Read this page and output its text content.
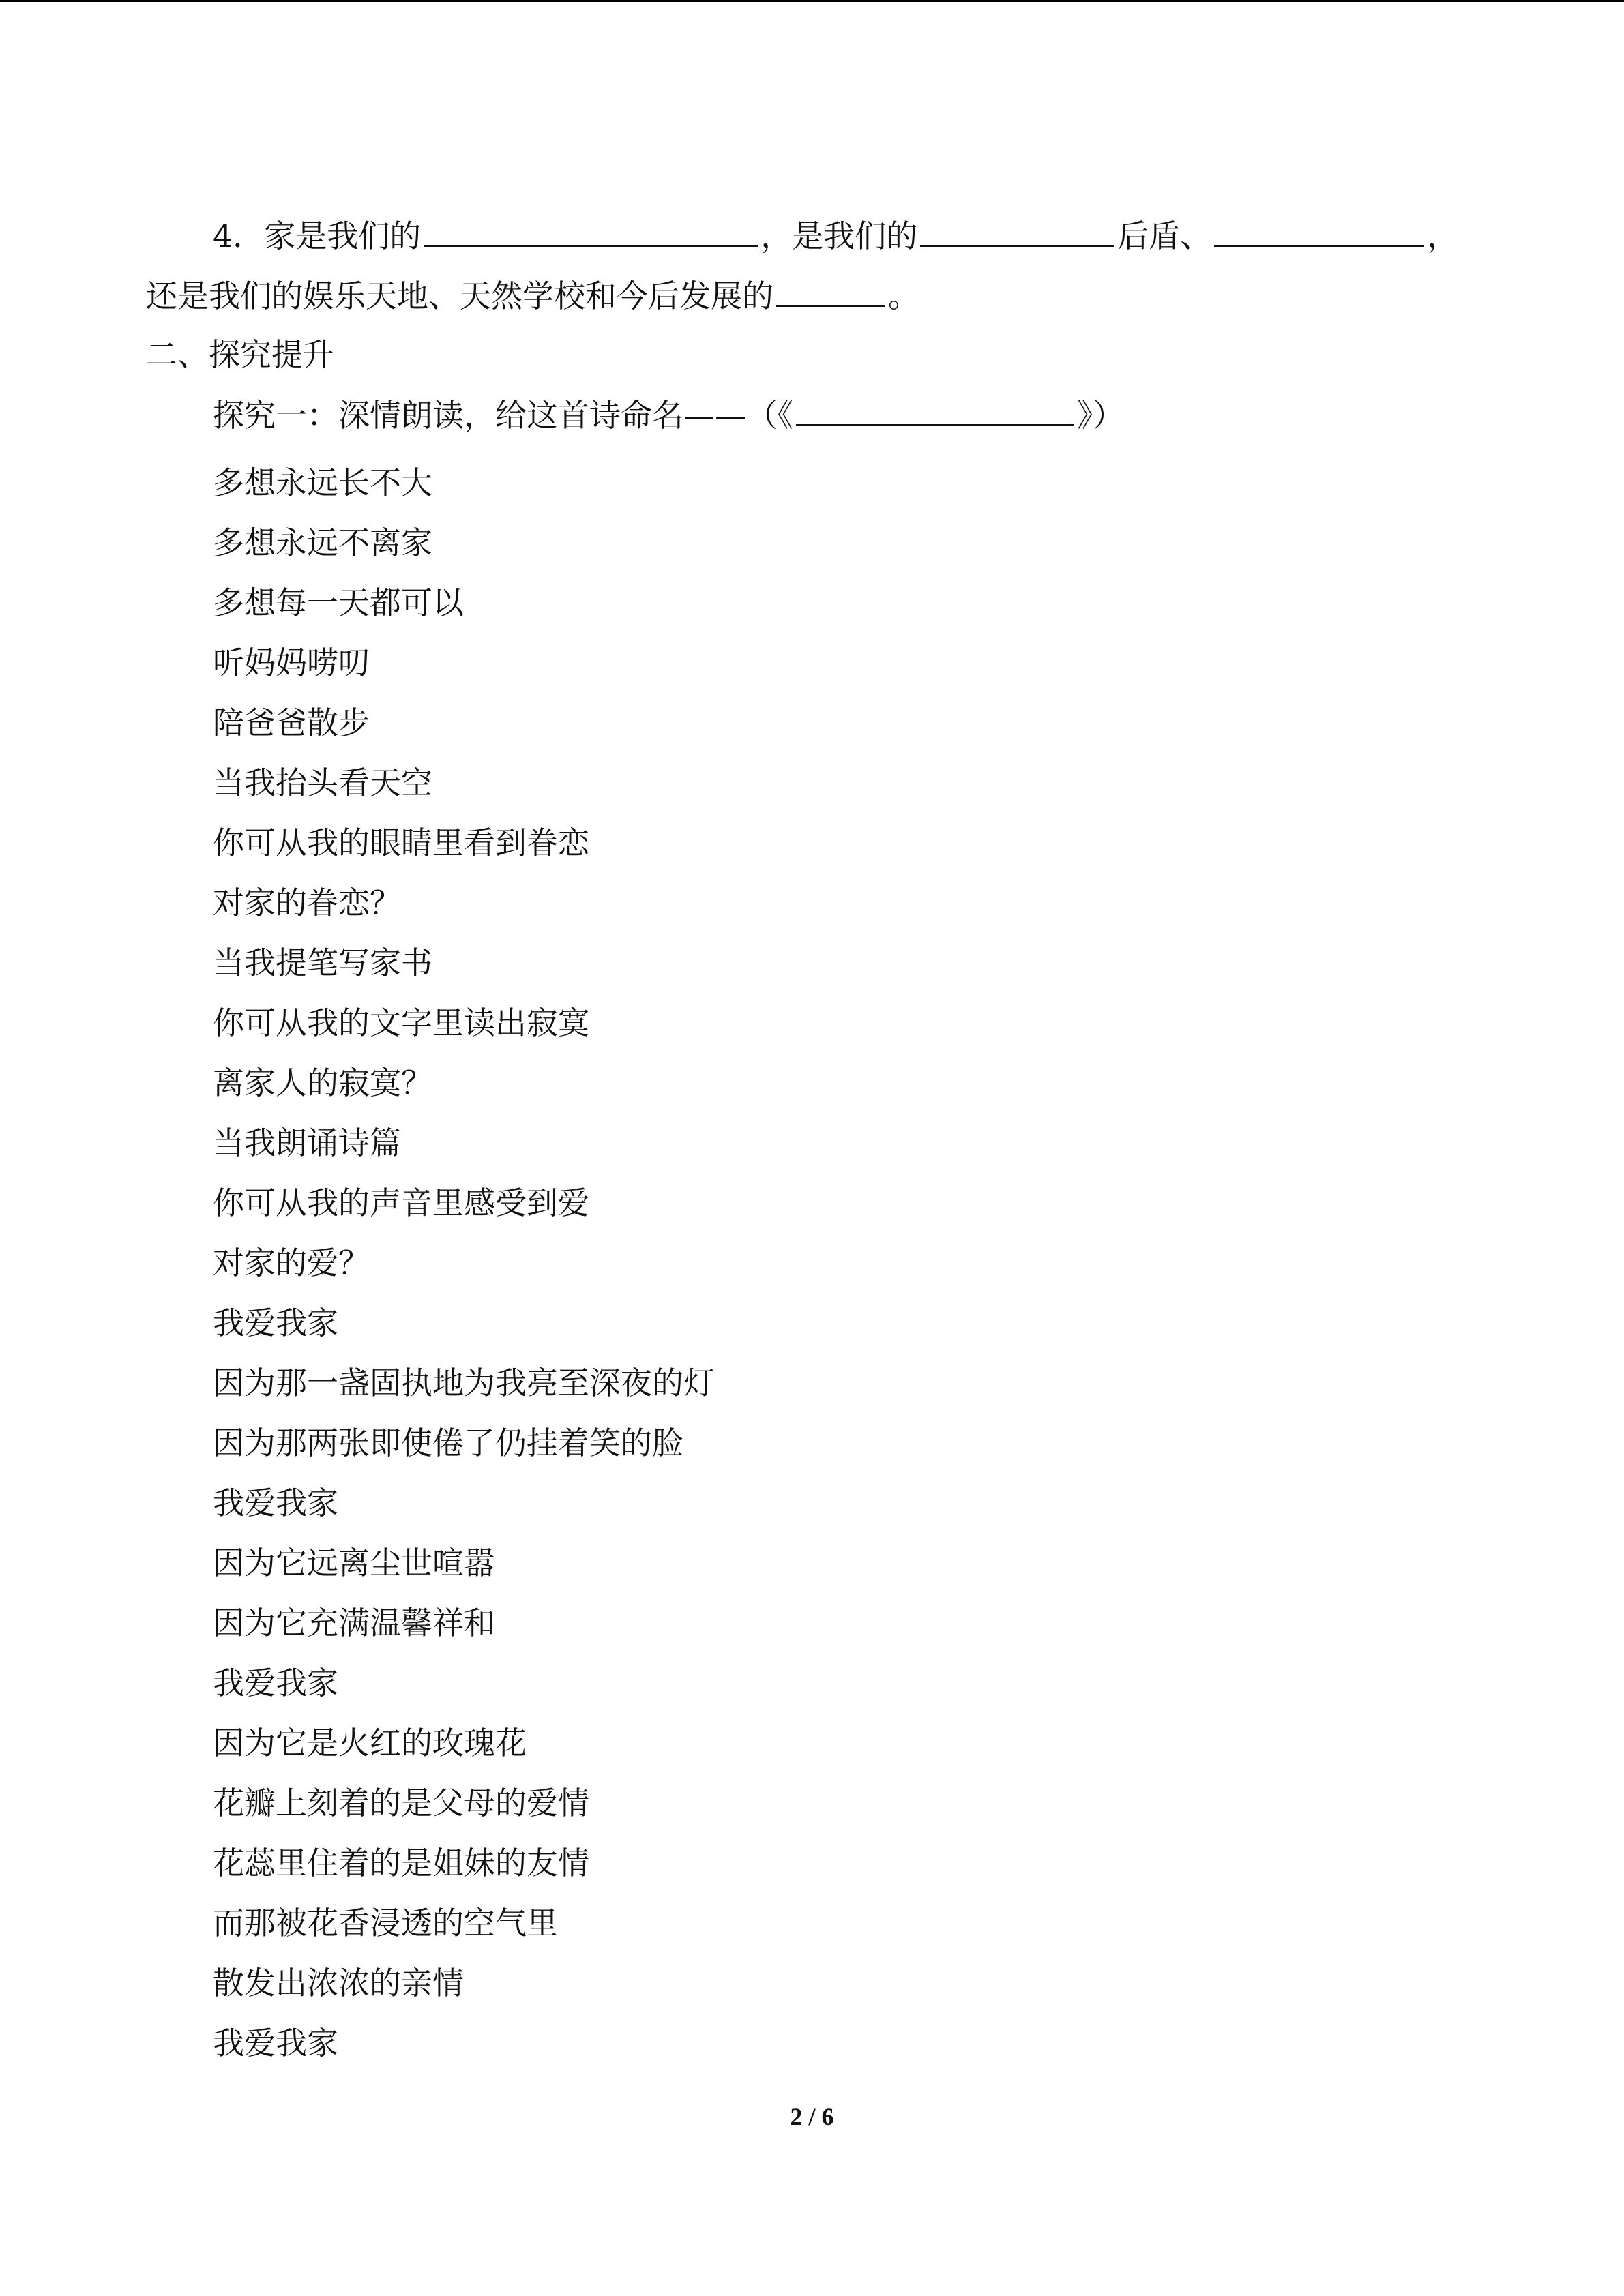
4．家是我们的	，是我们的	后盾、	，
还是我们的娱乐天地、天然学校和今后发展的	。
二、探究提升
探究一：深情朗读，给这首诗命名——（《	》）
多想永远长不大
多想永远不离家
多想每一天都可以
听妈妈唠叨
陪爸爸散步
当我抬头看天空
你可从我的眼睛里看到眷恋
对家的眷恋？
当我提笔写家书
你可从我的文字里读出寂寞
离家人的寂寞？
当我朗诵诗篇
你可从我的声音里感受到爱
对家的爱？
我爱我家
因为那一盏固执地为我亮至深夜的灯
因为那两张即使倦了仍挂着笑的脸
我爱我家
因为它远离尘世喧嚣
因为它充满温馨祥和
我爱我家
因为它是火红的玫瑰花
花瓣上刻着的是父母的爱情
花蕊里住着的是姐妹的友情
而那被花香浸透的空气里
散发出浓浓的亲情
我爱我家
2 / 6
